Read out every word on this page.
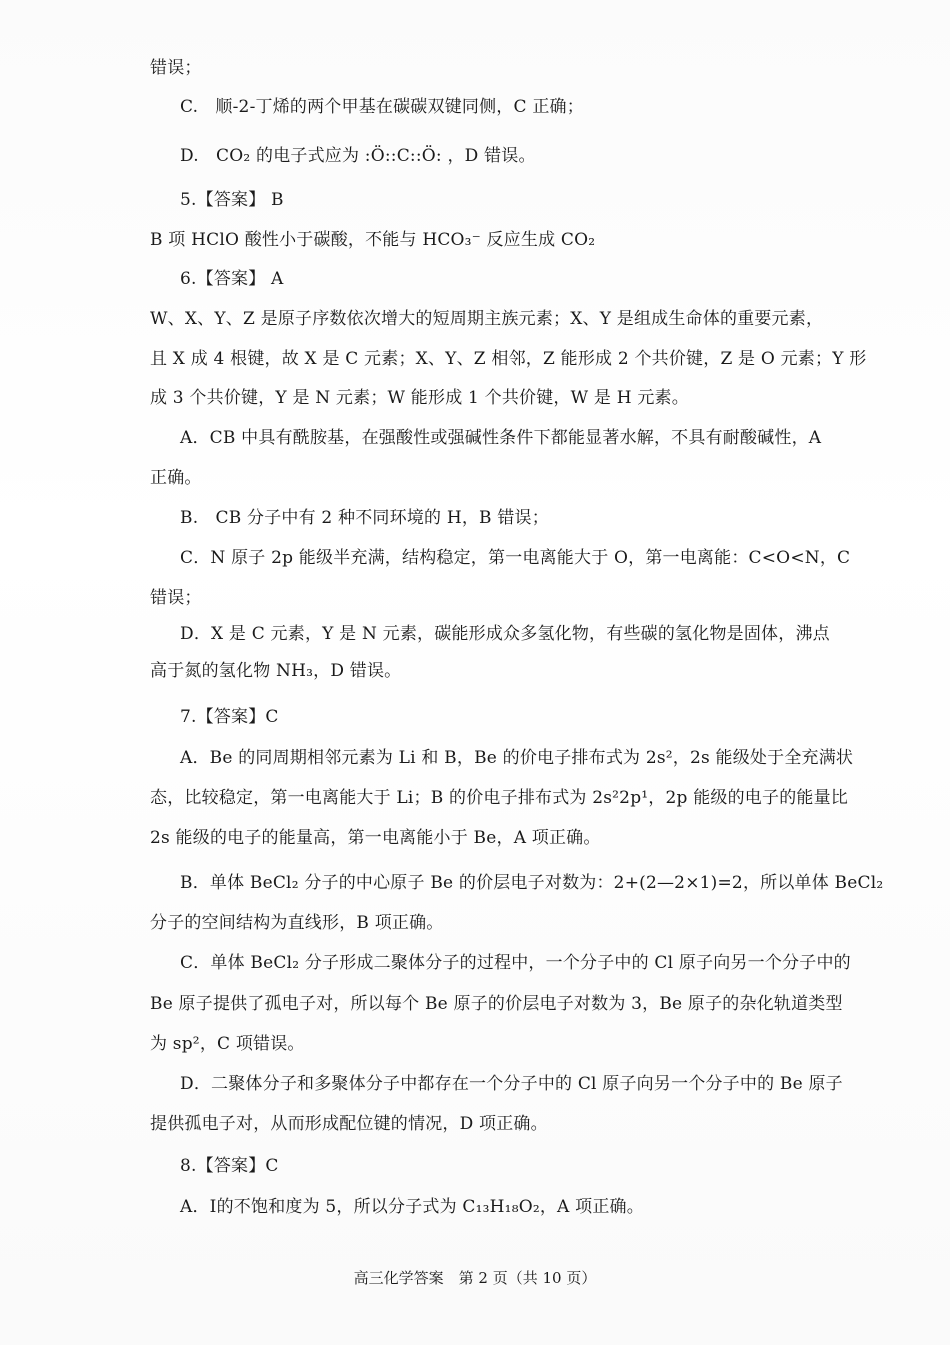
错误；
C.　顺-2-丁烯的两个甲基在碳碳双键同侧，C 正确；
D.　CO₂ 的电子式应为 :Ö::C::Ö: ，D 错误。
5.【答案】 B
B 项 HClO 酸性小于碳酸，不能与 HCO₃⁻ 反应生成 CO₂
6.【答案】 A
W、X、Y、Z 是原子序数依次增大的短周期主族元素；X、Y 是组成生命体的重要元素，
且 X 成 4 根键，故 X 是 C 元素；X、Y、Z 相邻，Z 能形成 2 个共价键，Z 是 O 元素；Y 形
成 3 个共价键，Y 是 N 元素；W 能形成 1 个共价键，W 是 H 元素。
A．CB 中具有酰胺基，在强酸性或强碱性条件下都能显著水解，不具有耐酸碱性，A
正确。
B.　CB 分子中有 2 种不同环境的 H，B 错误；
C．N 原子 2p 能级半充满，结构稳定，第一电离能大于 O，第一电离能：C<O<N，C
错误；
D．X 是 C 元素，Y 是 N 元素，碳能形成众多氢化物，有些碳的氢化物是固体，沸点
高于氮的氢化物 NH₃，D 错误。
7.【答案】C
A．Be 的同周期相邻元素为 Li 和 B，Be 的价电子排布式为 2s²，2s 能级处于全充满状
态，比较稳定，第一电离能大于 Li；B 的价电子排布式为 2s²2p¹，2p 能级的电子的能量比
2s 能级的电子的能量高，第一电离能小于 Be，A 项正确。
B．单体 BeCl₂ 分子的中心原子 Be 的价层电子对数为：2+(2—2×1)=2，所以单体 BeCl₂
分子的空间结构为直线形，B 项正确。
C．单体 BeCl₂ 分子形成二聚体分子的过程中，一个分子中的 Cl 原子向另一个分子中的
Be 原子提供了孤电子对，所以每个 Be 原子的价层电子对数为 3，Be 原子的杂化轨道类型
为 sp²，C 项错误。
D．二聚体分子和多聚体分子中都存在一个分子中的 Cl 原子向另一个分子中的 Be 原子
提供孤电子对，从而形成配位键的情况，D 项正确。
8.【答案】C
A．I的不饱和度为 5，所以分子式为 C₁₃H₁₈O₂，A 项正确。
高三化学答案　第 2 页（共 10 页）
